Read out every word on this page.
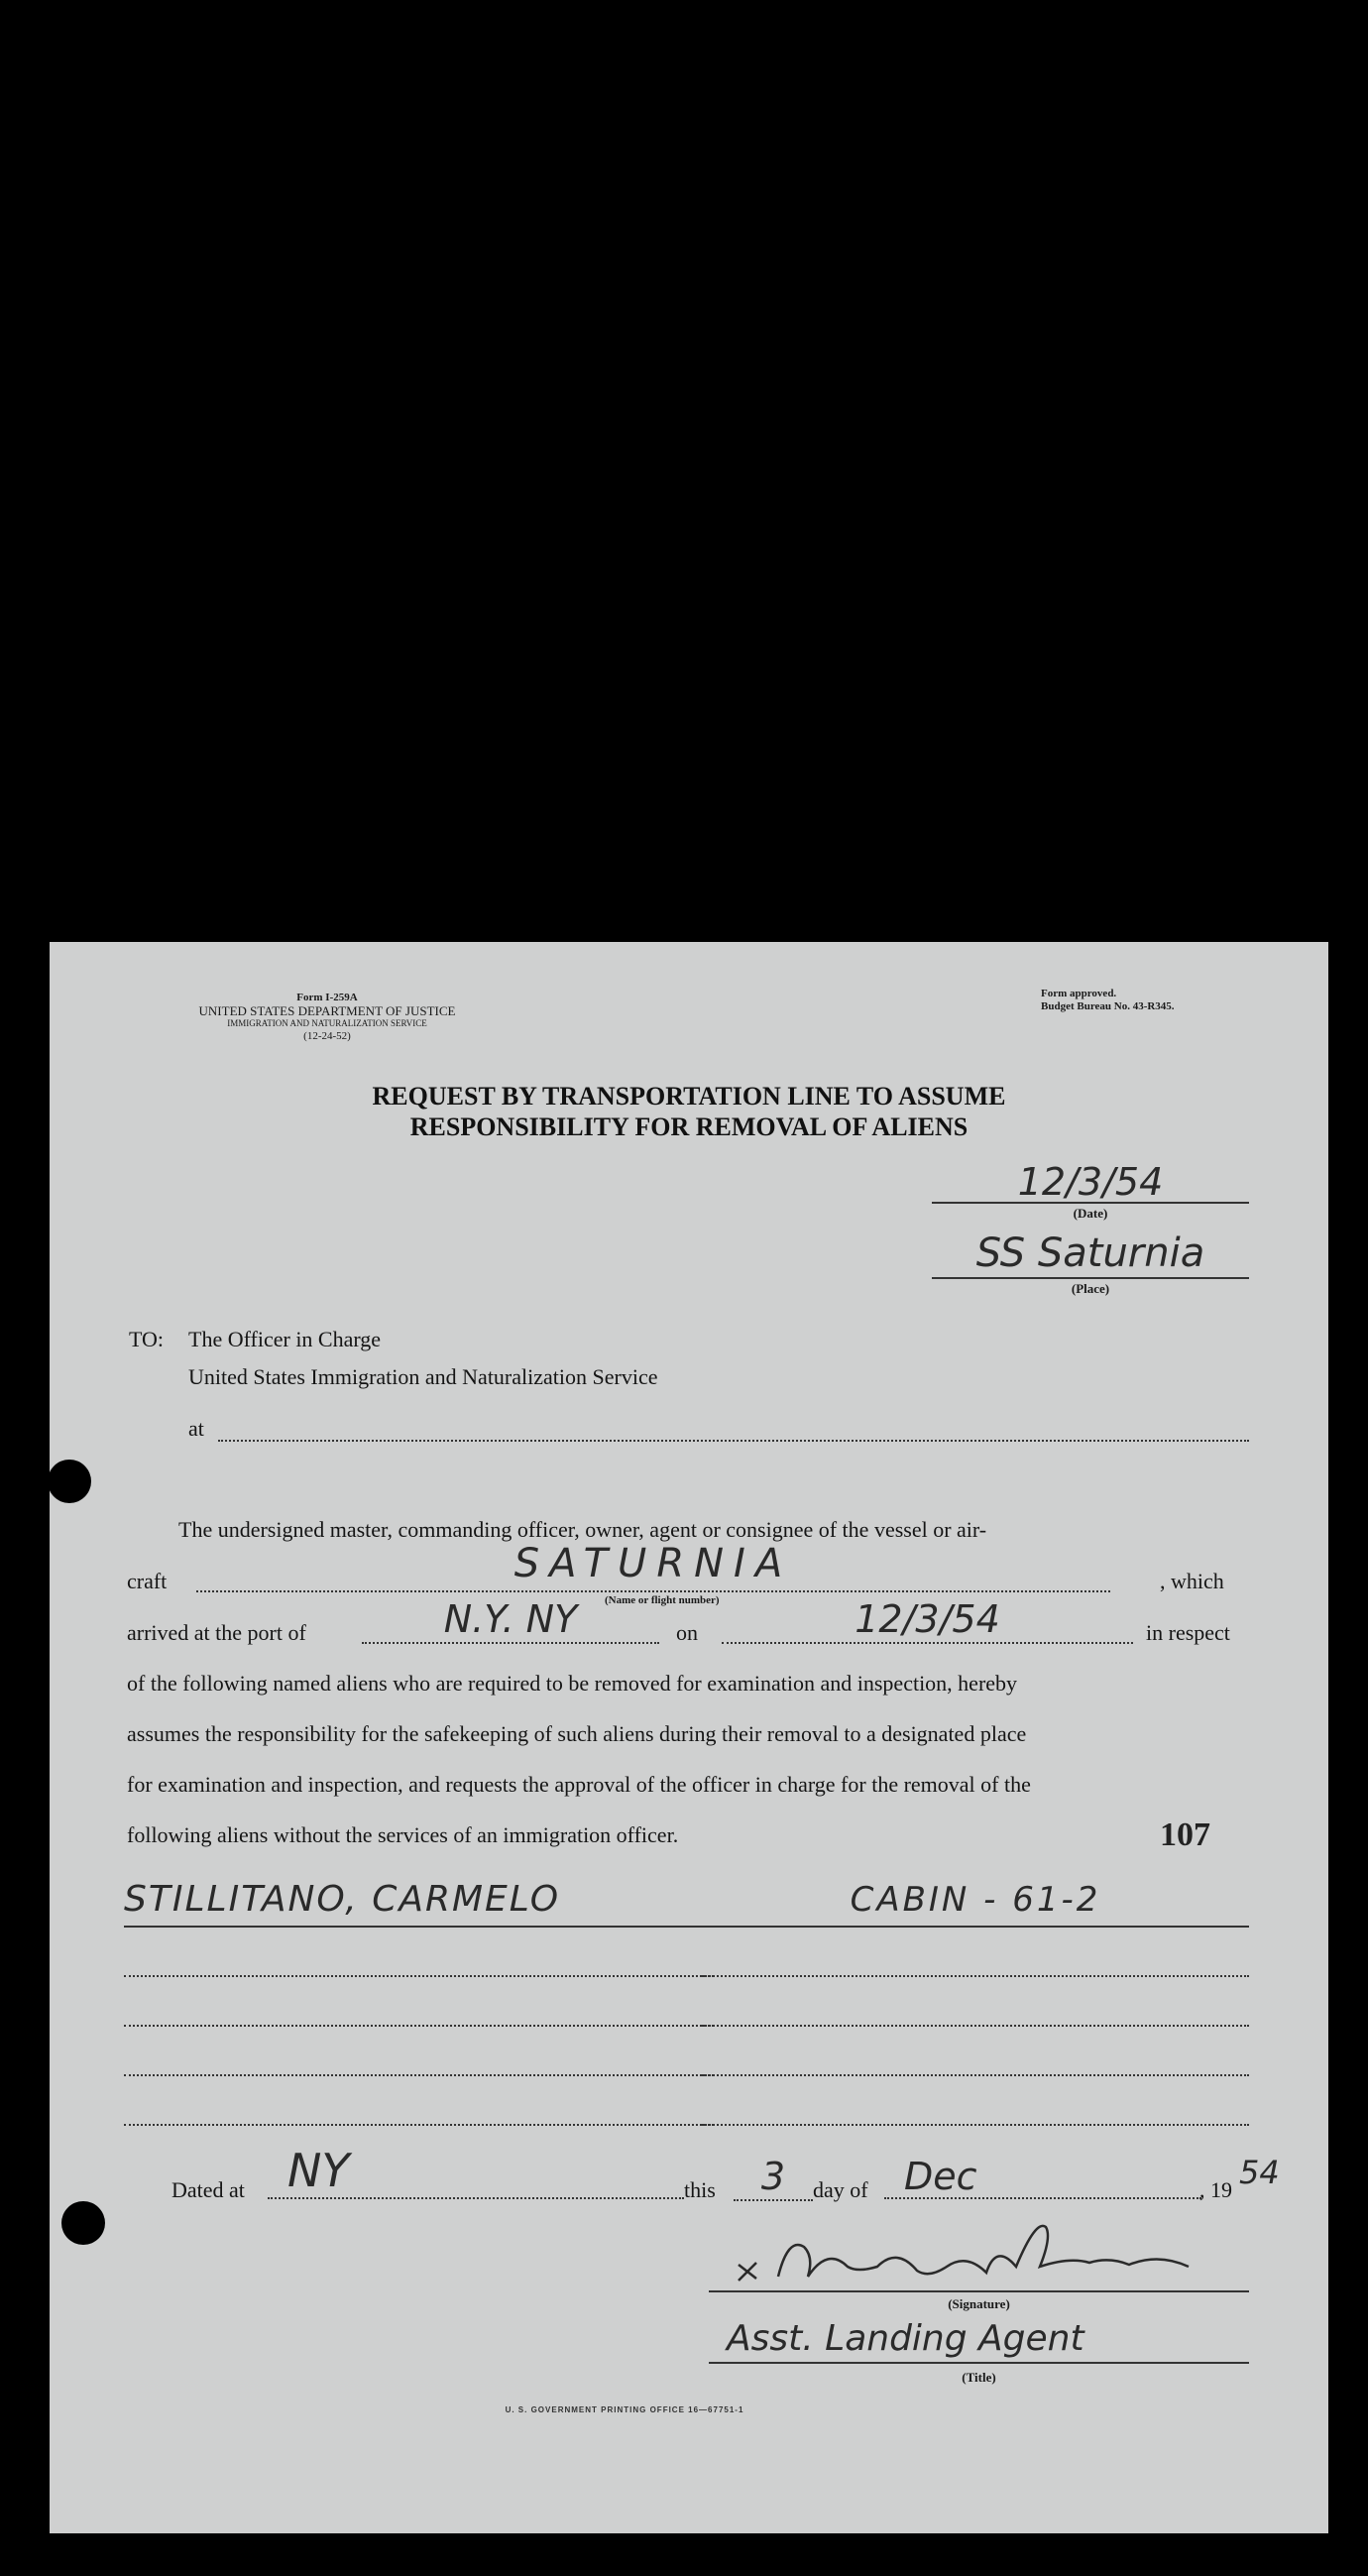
Form I-259A
UNITED STATES DEPARTMENT OF JUSTICE
IMMIGRATION AND NATURALIZATION SERVICE
(12-24-52)
Form approved.
Budget Bureau No. 43-R345.
REQUEST BY TRANSPORTATION LINE TO ASSUME
RESPONSIBILITY FOR REMOVAL OF ALIENS
12/3/54
(Date)
SS Saturnia
(Place)
TO: The Officer in Charge
United States Immigration and Naturalization Service
at
The undersigned master, commanding officer, owner, agent or consignee of the vessel or air-
craft	SATURNIA
(Name or flight number)
, which
arrived at the port of	N.Y. NY	on	12/3/54	in respect
of the following named aliens who are required to be removed for examination and inspection, hereby
assumes the responsibility for the safekeeping of such aliens during their removal to a designated place
for examination and inspection, and requests the approval of the officer in charge for the removal of the
following aliens without the services of an immigration officer.	107
STILLITANO, CARMELO	CABIN - 61-2
Dated at NY	this	3	day of Dec	, 19 54
(Signature)
Asst. Landing Agent
(Title)
U. S. GOVERNMENT PRINTING OFFICE 16—67751-1
